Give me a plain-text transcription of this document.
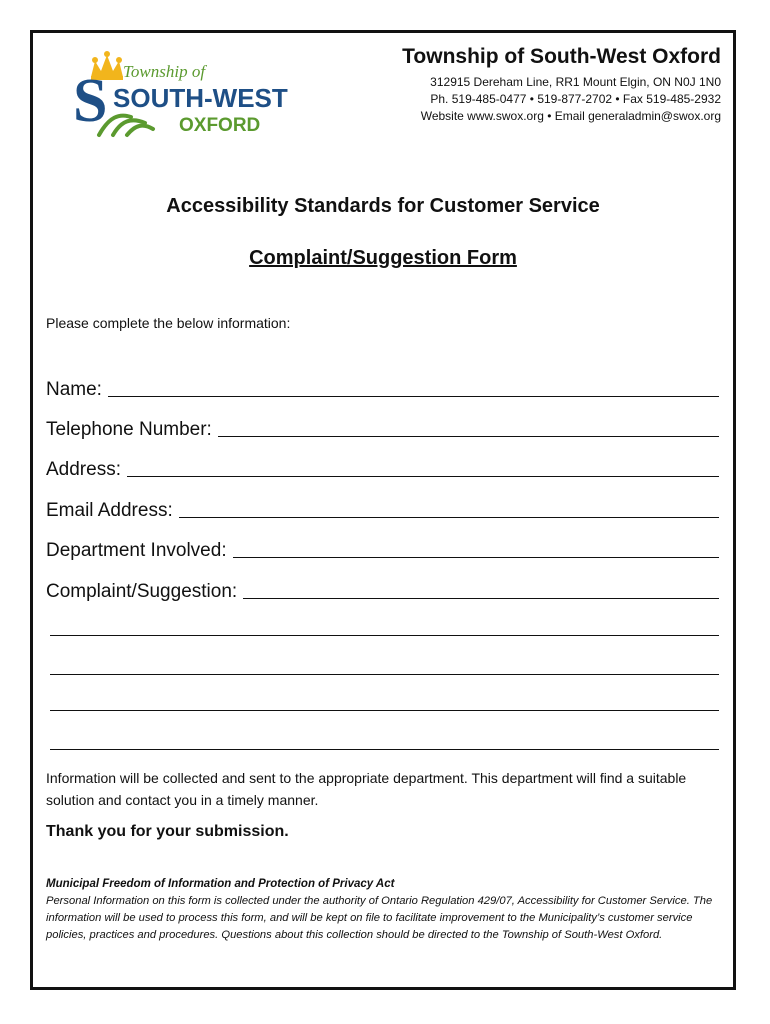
S Township of
SOUTH-WEST
OXFORD
Township of South-West Oxford
312915 Dereham Line, RR1 Mount Elgin, ON N0J 1N0
Ph. 519-485-0477 • 519-877-2702 • Fax 519-485-2932
Website www.swox.org • Email generaladmin@swox.org
Accessibility Standards for Customer Service
Complaint/Suggestion Form
Please complete the below information:
Name:
Telephone Number:
Address:
Email Address:
Department Involved:
Complaint/Suggestion:
Information will be collected and sent to the appropriate department. This department will find a suitable solution and contact you in a timely manner.
Thank you for your submission.
Municipal Freedom of Information and Protection of Privacy Act
Personal Information on this form is collected under the authority of Ontario Regulation 429/07, Accessibility for Customer Service. The information will be used to process this form, and will be kept on file to facilitate improvement to the Municipality’s customer service policies, practices and procedures. Questions about this collection should be directed to the Township of South-West Oxford.
